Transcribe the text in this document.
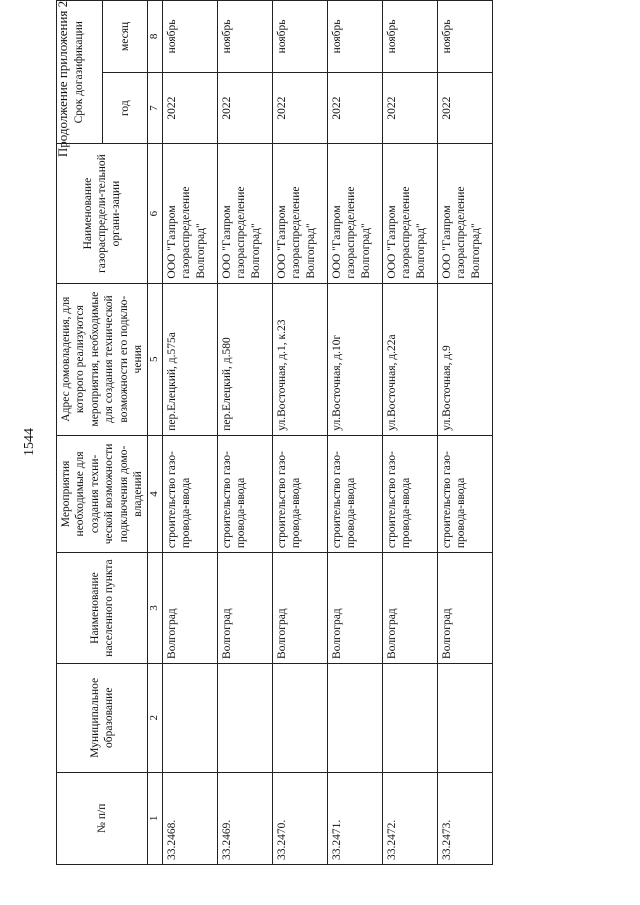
1544
Продолжение приложения 2
№ п/п	Муниципальное образование	Наименование населенного пункта	Мероприятия необходимые для создания техни-ческой возможности подключения домо-владений	Адрес домовладения, для которого реализуются мероприятия, необходимые для создания технической возможности его подклю-чения	Наименование газораспредели-тельной органи-зации	Срок догазификации	
						год	месяц
1	2	3	4	5	6	7	8
33.2468.		Волгоград	строительство газо-провода-ввода	пер.Елецкий, д.575а	ООО "Газпром газораспределение Волгоград"	2022	ноябрь
33.2469.		Волгоград	строительство газо-провода-ввода	пер.Елецкий, д.580	ООО "Газпром газораспределение Волгоград"	2022	ноябрь
33.2470.		Волгоград	строительство газо-провода-ввода	ул.Восточная, д.1, к.23	ООО "Газпром газораспределение Волгоград"	2022	ноябрь
33.2471.		Волгоград	строительство газо-провода-ввода	ул.Восточная, д.10г	ООО "Газпром газораспределение Волгоград"	2022	ноябрь
33.2472.		Волгоград	строительство газо-провода-ввода	ул.Восточная, д.22а	ООО "Газпром газораспределение Волгоград"	2022	ноябрь
33.2473.		Волгоград	строительство газо-провода-ввода	ул.Восточная, д.9	ООО "Газпром газораспределение Волгоград"	2022	ноябрь
